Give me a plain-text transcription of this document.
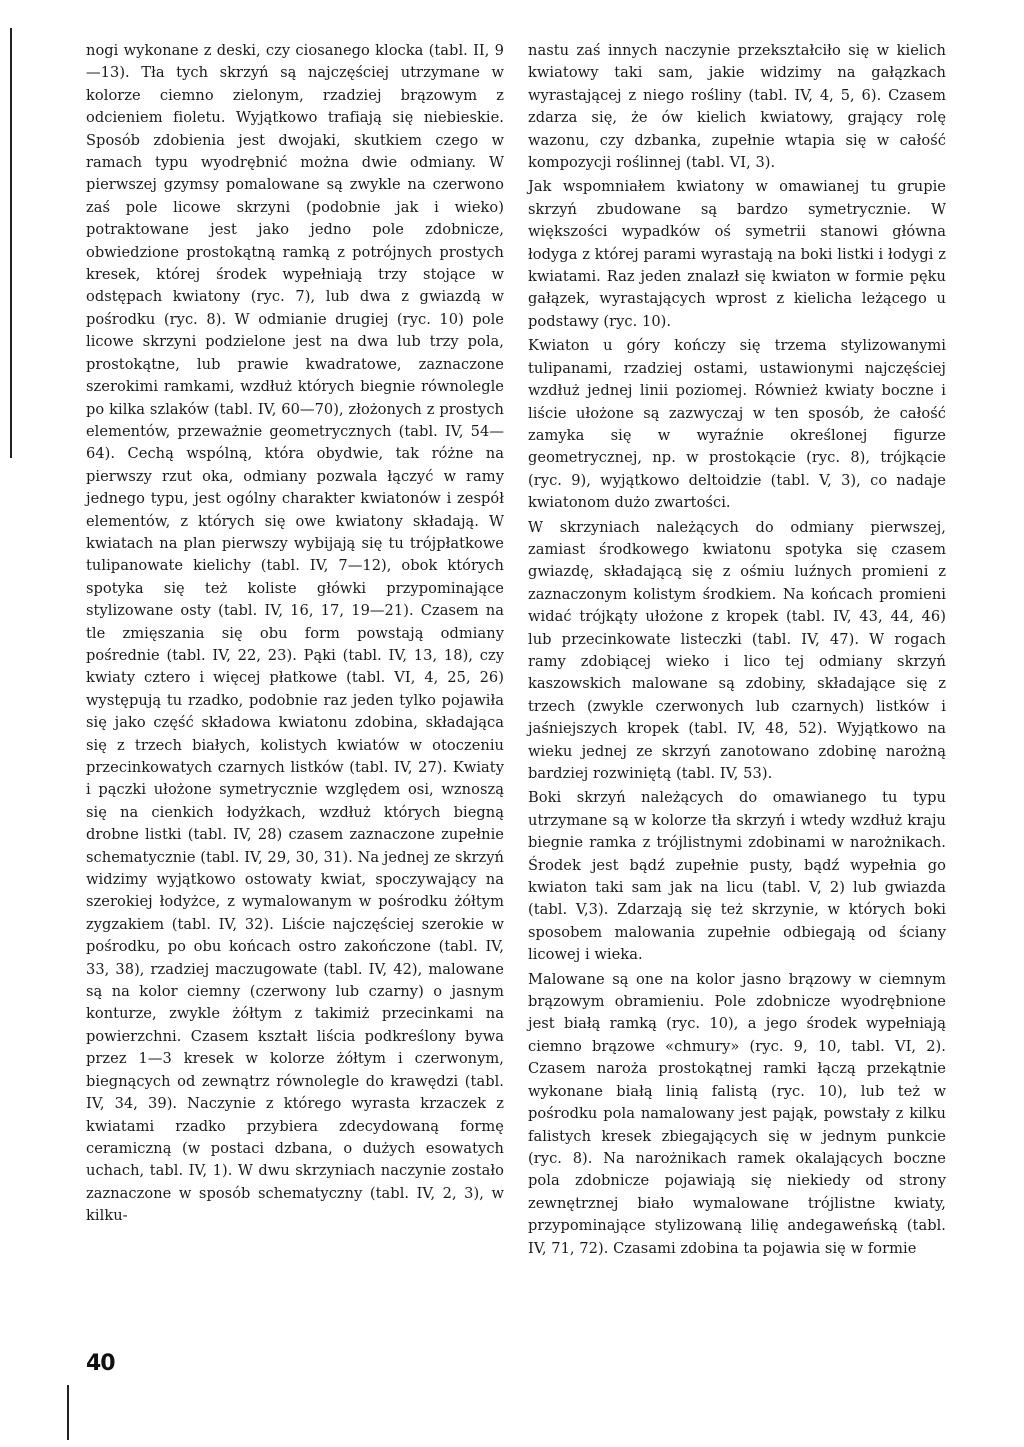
nogi wykonane z deski, czy ciosanego klocka (tabl. II, 9—13). Tła tych skrzyń są najczęściej utrzymane w kolorze ciemno zielonym, rzadziej brązowym z odcieniem fioletu. Wyjątkowo trafiają się niebieskie. Sposób zdobienia jest dwojaki, skutkiem czego w ramach typu wyodrębnić można dwie odmiany. W pierwszej gzymsy pomalowane są zwykle na czerwono zaś pole licowe skrzyni (podobnie jak i wieko) potraktowane jest jako jedno pole zdobnicze, obwiedzione prostokątną ramką z potrójnych prostych kresek, której środek wypełniają trzy stojące w odstępach kwiatony (ryc. 7), lub dwa z gwiazdą w pośrodku (ryc. 8). W odmianie drugiej (ryc. 10) pole licowe skrzyni podzielone jest na dwa lub trzy pola, prostokątne, lub prawie kwadratowe, zaznaczone szerokimi ramkami, wzdłuż których biegnie równolegle po kilka szlaków (tabl. IV, 60—70), złożonych z prostych elementów, przeważnie geometrycznych (tabl. IV, 54—64). Cechą wspólną, która obydwie, tak różne na pierwszy rzut oka, odmiany pozwala łączyć w ramy jednego typu, jest ogólny charakter kwiatonów i zespół elementów, z których się owe kwiatony składają. W kwiatach na plan pierwszy wybijają się tu trójpłatkowe tulipanowate kielichy (tabl. IV, 7—12), obok których spotyka się też koliste główki przypominające stylizowane osty (tabl. IV, 16, 17, 19—21). Czasem na tle zmięszania się obu form powstają odmiany pośrednie (tabl. IV, 22, 23). Pąki (tabl. IV, 13, 18), czy kwiaty cztero i więcej płatkowe (tabl. VI, 4, 25, 26) występują tu rzadko, podobnie raz jeden tylko pojawiła się jako część składowa kwiatonu zdobina, składająca się z trzech białych, kolistych kwiatów w otoczeniu przecinkowatych czarnych listków (tabl. IV, 27). Kwiaty i pączki ułożone symetrycznie względem osi, wznoszą się na cienkich łodyżkach, wzdłuż których biegną drobne listki (tabl. IV, 28) czasem zaznaczone zupełnie schematycznie (tabl. IV, 29, 30, 31). Na jednej ze skrzyń widzimy wyjątkowo ostowaty kwiat, spoczywający na szerokiej łodyżce, z wymalowanym w pośrodku żółtym zygzakiem (tabl. IV, 32). Liście najczęściej szerokie w pośrodku, po obu końcach ostro zakończone (tabl. IV, 33, 38), rzadziej maczugowate (tabl. IV, 42), malowane są na kolor ciemny (czerwony lub czarny) o jasnym konturze, zwykle żółtym z takimiż przecinkami na powierzchni. Czasem kształt liścia podkreślony bywa przez 1—3 kresek w kolorze żółtym i czerwonym, biegnących od zewnątrz równolegle do krawędzi (tabl. IV, 34, 39). Naczynie z którego wyrasta krzaczek z kwiatami rzadko przybiera zdecydowaną formę ceramiczną (w postaci dzbana, o dużych esowatych uchach, tabl. IV, 1). W dwu skrzyniach naczynie zostało zaznaczone w sposób schematyczny (tabl. IV, 2, 3), w kilku-

nastu zaś innych naczynie przekształciło się w kielich kwiatowy taki sam, jakie widzimy na gałązkach wyrastającej z niego rośliny (tabl. IV, 4, 5, 6). Czasem zdarza się, że ów kielich kwiatowy, grający rolę wazonu, czy dzbanka, zupełnie wtapia się w całość kompozycji roślinnej (tabl. VI, 3).

Jak wspomniałem kwiatony w omawianej tu grupie skrzyń zbudowane są bardzo symetrycznie. W większości wypadków oś symetrii stanowi główna łodyga z której parami wyrastają na boki listki i łodygi z kwiatami. Raz jeden znalazł się kwiaton w formie pęku gałązek, wyrastających wprost z kielicha leżącego u podstawy (ryc. 10).

Kwiaton u góry kończy się trzema stylizowanymi tulipanami, rzadziej ostami, ustawionymi najczęściej wzdłuż jednej linii poziomej. Również kwiaty boczne i liście ułożone są zazwyczaj w ten sposób, że całość zamyka się w wyraźnie określonej figurze geometrycznej, np. w prostokącie (ryc. 8), trójkącie (ryc. 9), wyjątkowo deltoidzie (tabl. V, 3), co nadaje kwiatonom dużo zwartości.

W skrzyniach należących do odmiany pierwszej, zamiast środkowego kwiatonu spotyka się czasem gwiazdę, składającą się z ośmiu luźnych promieni z zaznaczonym kolistym środkiem. Na końcach promieni widać trójkąty ułożone z kropek (tabl. IV, 43, 44, 46) lub przecinkowate listeczki (tabl. IV, 47). W rogach ramy zdobiącej wieko i lico tej odmiany skrzyń kaszowskich malowane są zdobiny, składające się z trzech (zwykle czerwonych lub czarnych) listków i jaśniejszych kropek (tabl. IV, 48, 52). Wyjątkowo na wieku jednej ze skrzyń zanotowano zdobinę narożną bardziej rozwiniętą (tabl. IV, 53).

Boki skrzyń należących do omawianego tu typu utrzymane są w kolorze tła skrzyń i wtedy wzdłuż kraju biegnie ramka z trójlistnymi zdobinami w narożnikach. Środek jest bądź zupełnie pusty, bądź wypełnia go kwiaton taki sam jak na licu (tabl. V, 2) lub gwiazda (tabl. V,3). Zdarzają się też skrzynie, w których boki sposobem malowania zupełnie odbiegają od ściany licowej i wieka.

Malowane są one na kolor jasno brązowy w ciemnym brązowym obramieniu. Pole zdobnicze wyodrębnione jest białą ramką (ryc. 10), a jego środek wypełniają ciemno brązowe «chmury» (ryc. 9, 10, tabl. VI, 2). Czasem naroża prostokątnej ramki łączą przekątnie wykonane białą linią falistą (ryc. 10), lub też w pośrodku pola namalowany jest pająk, powstały z kilku falistych kresek zbiegających się w jednym punkcie (ryc. 8). Na narożnikach ramek okalających boczne pola zdobnicze pojawiają się niekiedy od strony zewnętrznej biało wymalowane trójlistne kwiaty, przypominające stylizowaną lilię andegaweńską (tabl. IV, 71, 72). Czasami zdobina ta pojawia się w formie

40
